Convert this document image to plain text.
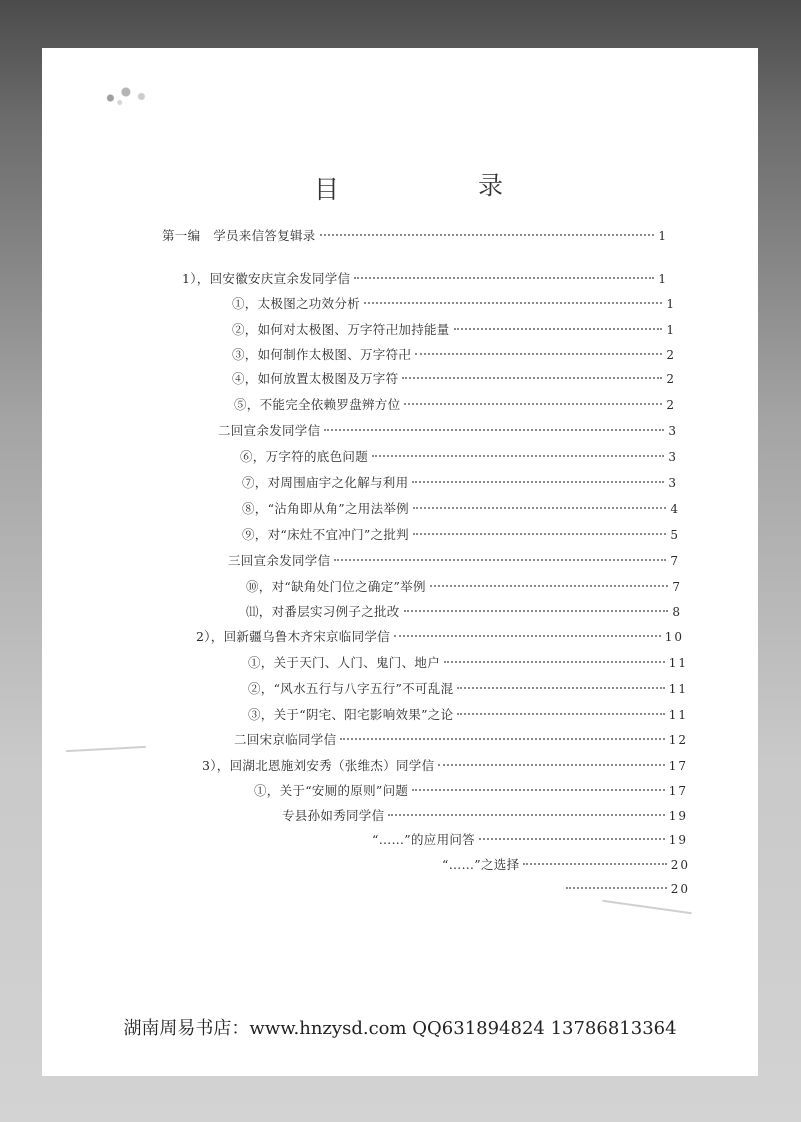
目	录
第一编　学员来信答复辑录	1
1），回安徽安庆宣余发同学信	1
①，太极图之功效分析	1
②，如何对太极图、万字符卍加持能量	1
③，如何制作太极图、万字符卍	2
④，如何放置太极图及万字符	2
⑤，不能完全依赖罗盘辨方位	2
二回宣余发同学信	3
⑥，万字符的底色问题	3
⑦，对周围庙宇之化解与利用	3
⑧，“沾角即从角”之用法举例	4
⑨，对“床灶不宜冲门”之批判	5
三回宣余发同学信	7
⑩，对“缺角处门位之确定”举例	7
⑾，对番层实习例子之批改	8
2），回新疆乌鲁木齐宋京临同学信	10
①，关于天门、人门、鬼门、地户	11
②，“风水五行与八字五行”不可乱混	11
③，关于“阴宅、阳宅影响效果”之论	11
二回宋京临同学信	12
3），回湖北恩施刘安秀（张维杰）同学信	17
①，关于“安厕的原则”问题	17
专县孙如秀同学信	19
“……”的应用问答	19
“……”之选择	20
20
湖南周易书店：www.hnzysd.com QQ631894824 13786813364
